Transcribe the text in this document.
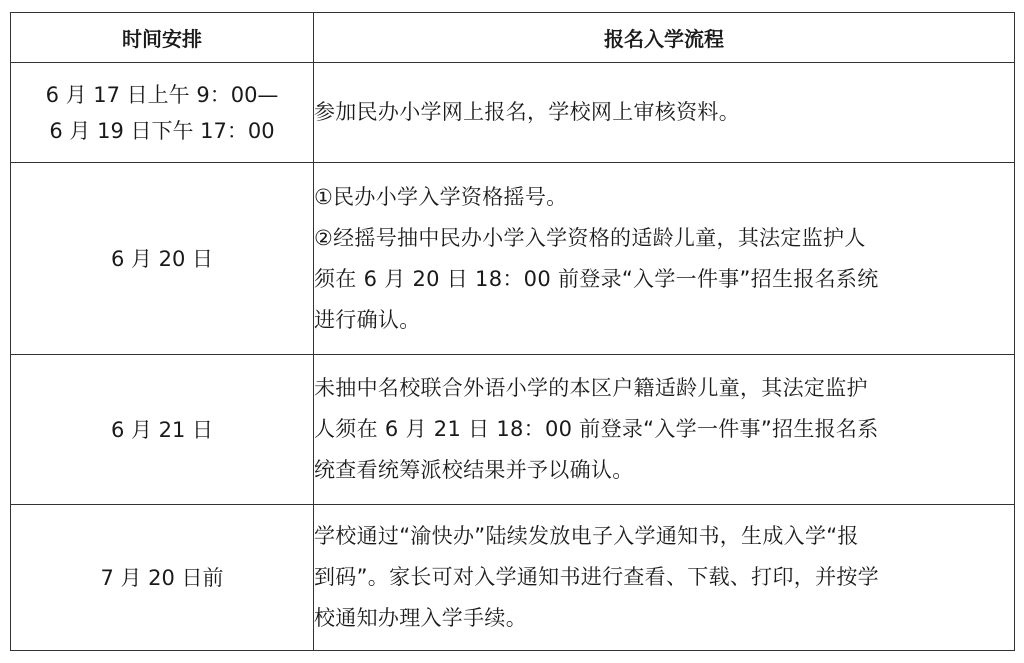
时间安排	报名入学流程

6 月 17 日上午 9：00—
6 月 19 日下午 17：00	参加民办小学网上报名，学校网上审核资料。

6 月 20 日	①民办小学入学资格摇号。
②经摇号抽中民办小学入学资格的适龄儿童，其法定监护人
须在 6 月 20 日 18：00 前登录“入学一件事”招生报名系统
进行确认。

6 月 21 日	未抽中名校联合外语小学的本区户籍适龄儿童，其法定监护
人须在 6 月 21 日 18：00 前登录“入学一件事”招生报名系
统查看统筹派校结果并予以确认。

7 月 20 日前	学校通过“渝快办”陆续发放电子入学通知书，生成入学“报
到码”。家长可对入学通知书进行查看、下载、打印，并按学
校通知办理入学手续。
